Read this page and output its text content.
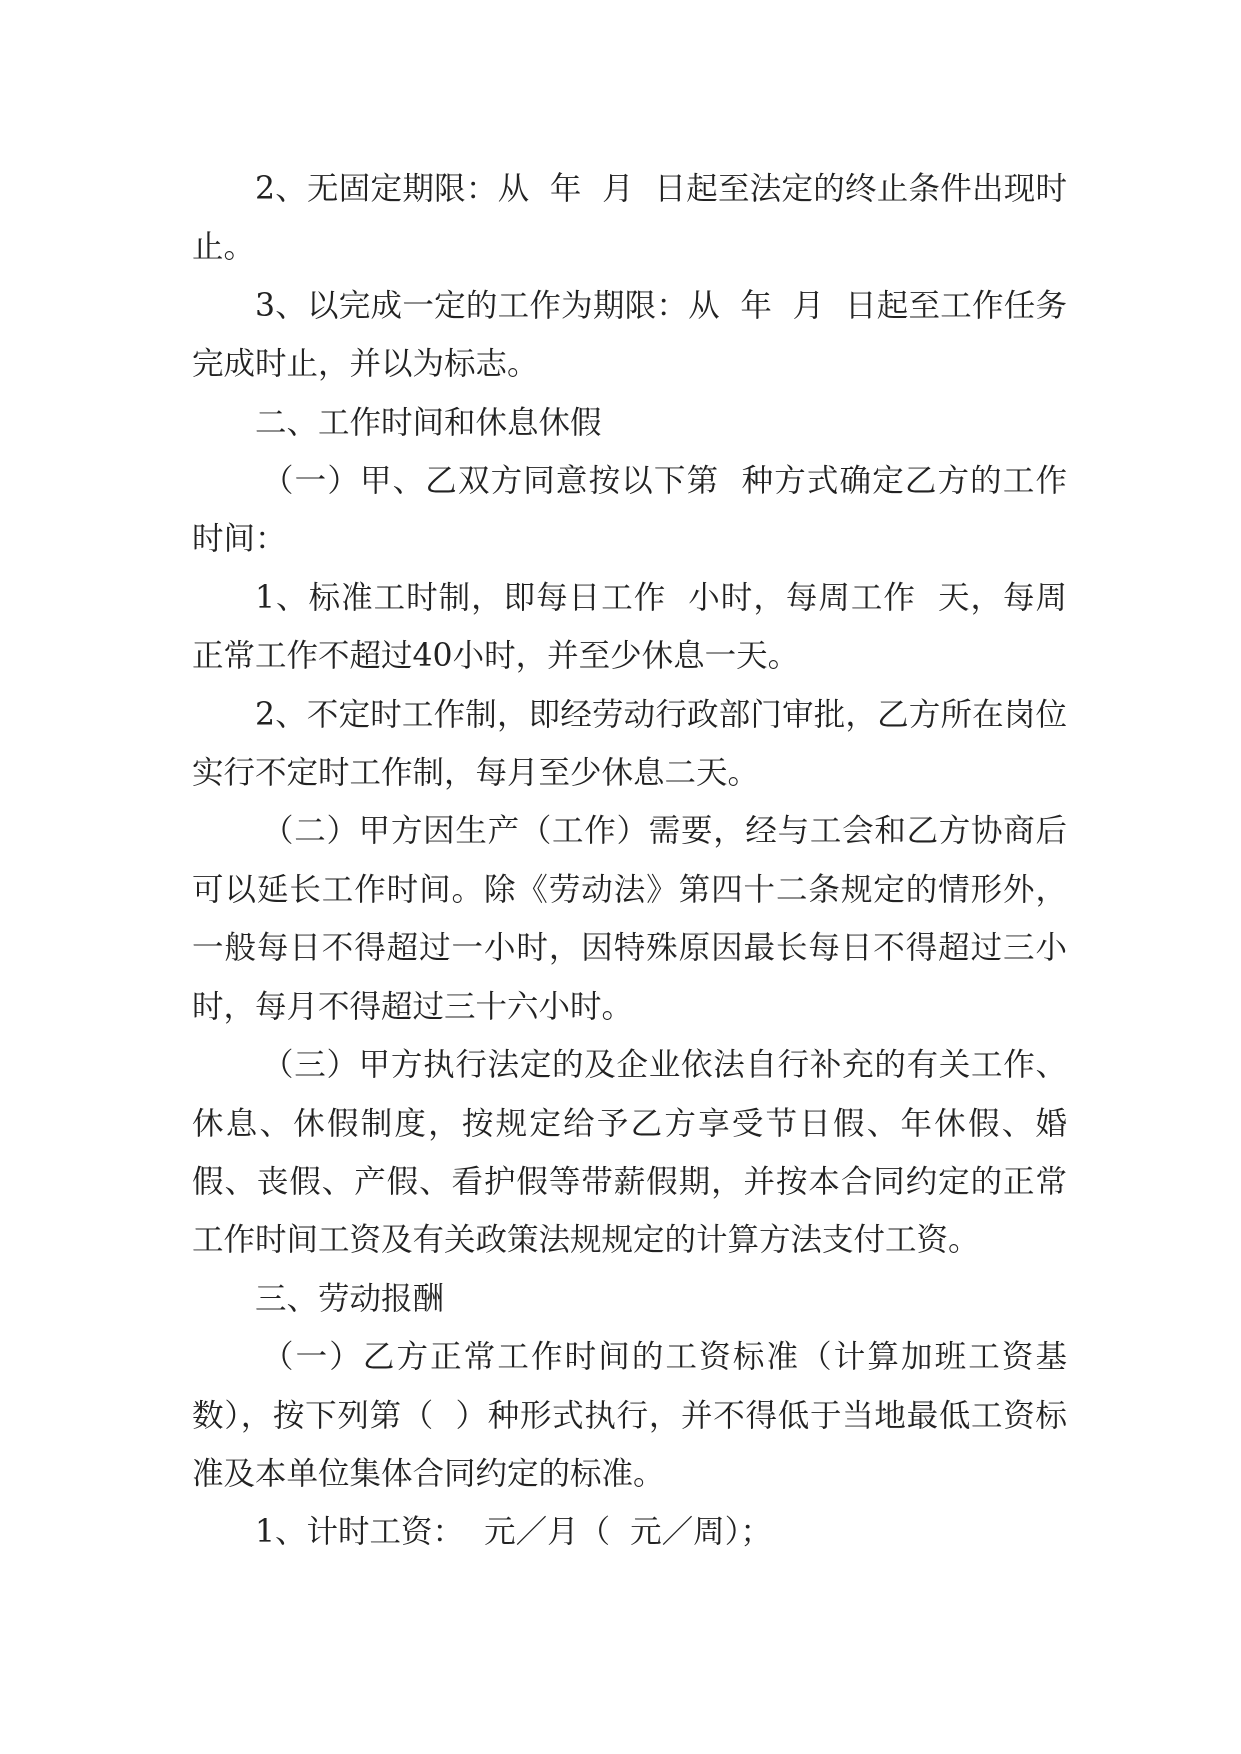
2、无固定期限：从  年  月  日起至法定的终止条件出现时止。

3、以完成一定的工作为期限：从  年  月  日起至工作任务完成时止，并以为标志。

二、工作时间和休息休假

（一）甲、乙双方同意按以下第  种方式确定乙方的工作时间：

1、标准工时制，即每日工作  小时，每周工作  天，每周正常工作不超过40小时，并至少休息一天。

2、不定时工作制，即经劳动行政部门审批，乙方所在岗位实行不定时工作制，每月至少休息二天。

（二）甲方因生产（工作）需要，经与工会和乙方协商后可以延长工作时间。除《劳动法》第四十二条规定的情形外，一般每日不得超过一小时，因特殊原因最长每日不得超过三小时，每月不得超过三十六小时。

（三）甲方执行法定的及企业依法自行补充的有关工作、休息、休假制度，按规定给予乙方享受节日假、年休假、婚假、丧假、产假、看护假等带薪假期，并按本合同约定的正常工作时间工资及有关政策法规规定的计算方法支付工资。

三、劳动报酬

（一）乙方正常工作时间的工资标准（计算加班工资基数），按下列第（  ）种形式执行，并不得低于当地最低工资标准及本单位集体合同约定的标准。

1、计时工资：  元／月（  元／周）；
